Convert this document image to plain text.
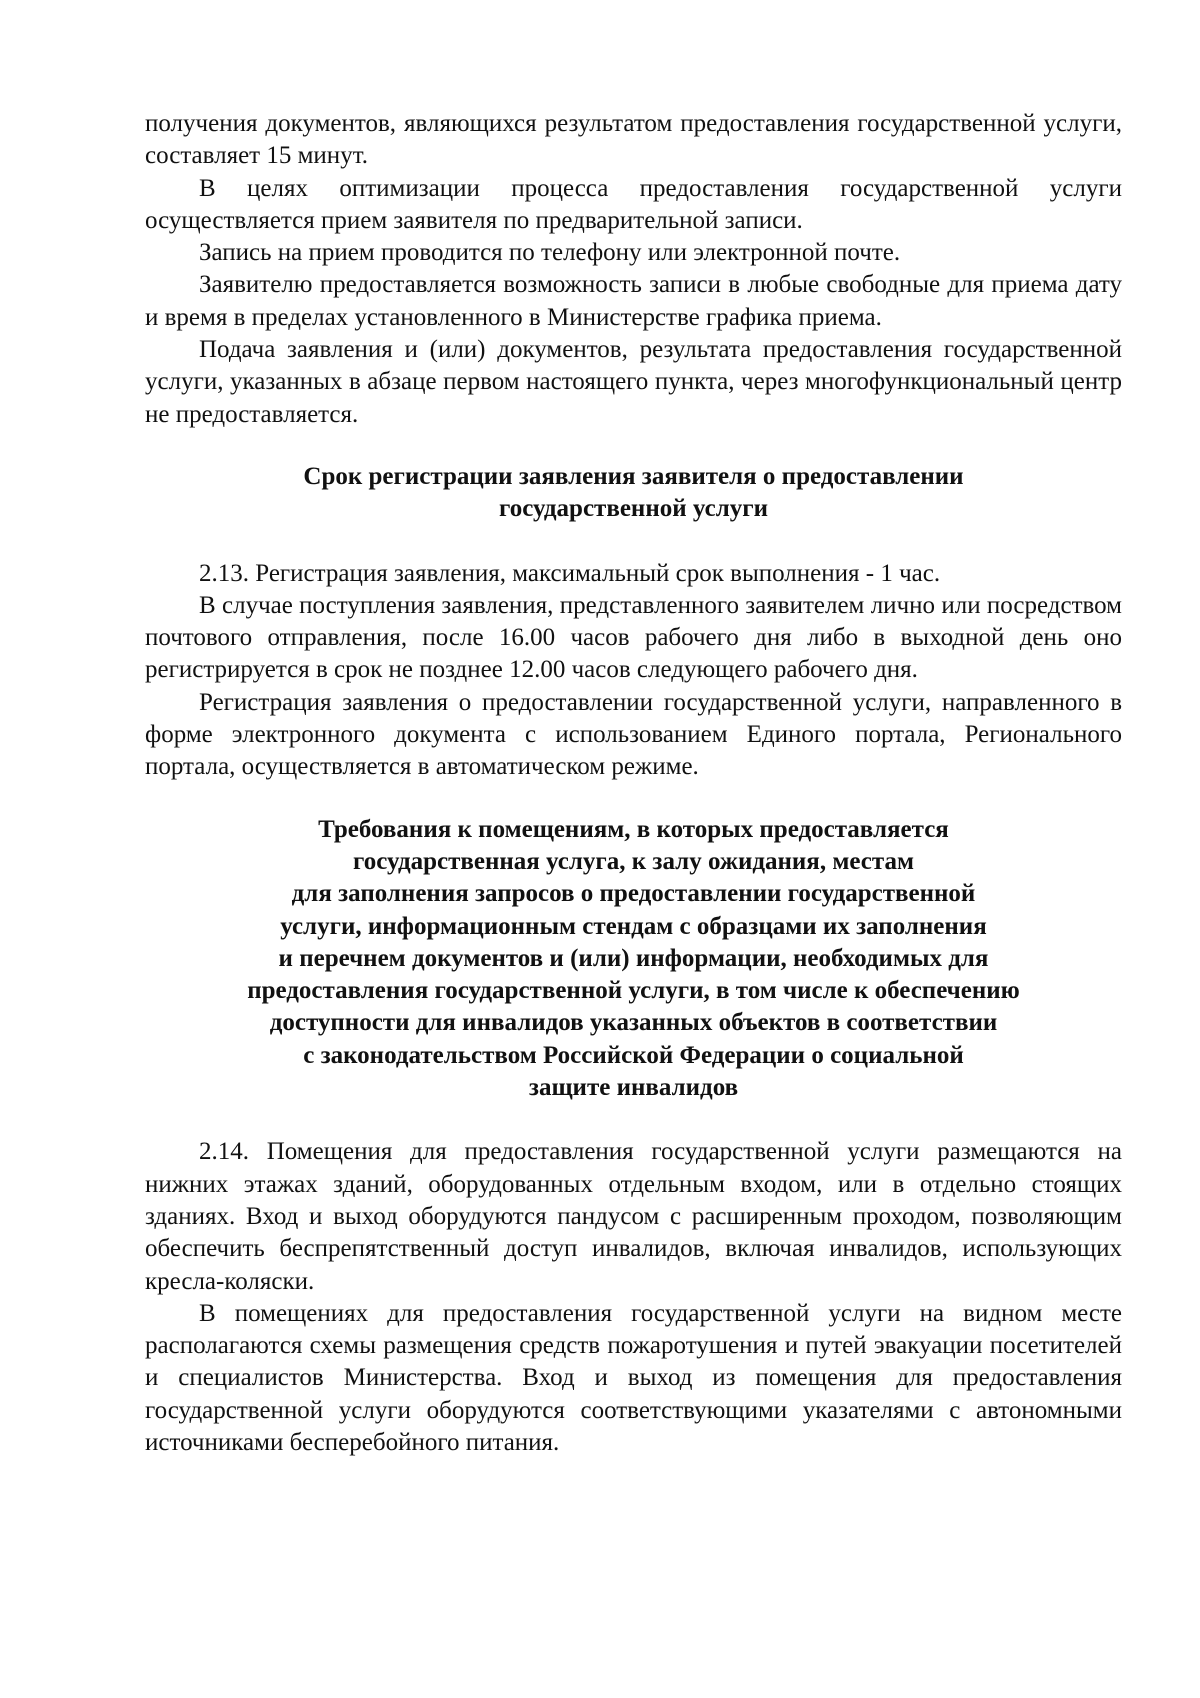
получения документов, являющихся результатом предоставления государственной услуги, составляет 15 минут.

В целях оптимизации процесса предоставления государственной услуги осуществляется прием заявителя по предварительной записи.

Запись на прием проводится по телефону или электронной почте.

Заявителю предоставляется возможность записи в любые свободные для приема дату и время в пределах установленного в Министерстве графика приема.

Подача заявления и (или) документов, результата предоставления государственной услуги, указанных в абзаце первом настоящего пункта, через многофункциональный центр не предоставляется.

Срок регистрации заявления заявителя о предоставлении
государственной услуги

2.13. Регистрация заявления, максимальный срок выполнения - 1 час.

В случае поступления заявления, представленного заявителем лично или посредством почтового отправления, после 16.00 часов рабочего дня либо в выходной день оно регистрируется в срок не позднее 12.00 часов следующего рабочего дня.

Регистрация заявления о предоставлении государственной услуги, направленного в форме электронного документа с использованием Единого портала, Регионального портала, осуществляется в автоматическом режиме.

Требования к помещениям, в которых предоставляется
государственная услуга, к залу ожидания, местам
для заполнения запросов о предоставлении государственной
услуги, информационным стендам с образцами их заполнения
и перечнем документов и (или) информации, необходимых для
предоставления государственной услуги, в том числе к обеспечению
доступности для инвалидов указанных объектов в соответствии
с законодательством Российской Федерации о социальной
защите инвалидов

2.14. Помещения для предоставления государственной услуги размещаются на нижних этажах зданий, оборудованных отдельным входом, или в отдельно стоящих зданиях. Вход и выход оборудуются пандусом с расширенным проходом, позволяющим обеспечить беспрепятственный доступ инвалидов, включая инвалидов, использующих кресла-коляски.

В помещениях для предоставления государственной услуги на видном месте располагаются схемы размещения средств пожаротушения и путей эвакуации посетителей и специалистов Министерства. Вход и выход из помещения для предоставления государственной услуги оборудуются соответствующими указателями с автономными источниками бесперебойного питания.
